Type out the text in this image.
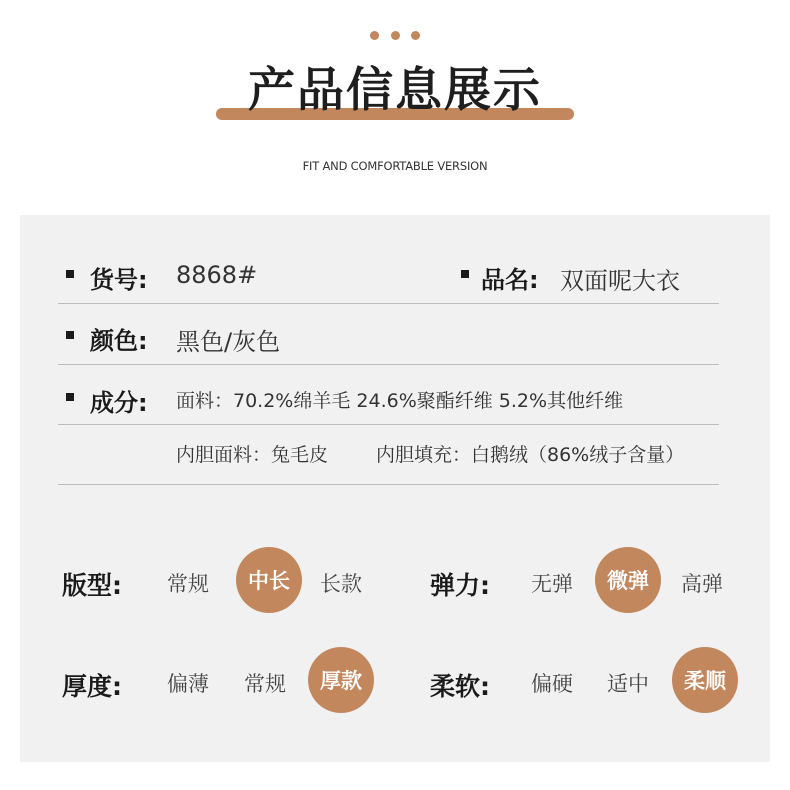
产品信息展示
FIT AND COMFORTABLE VERSION
货号: 8868#	品名: 双面呢大衣
颜色: 黑色/灰色
成分: 面料：70.2%绵羊毛 24.6%聚酯纤维 5.2%其他纤维
内胆面料：兔毛皮	内胆填充：白鹅绒（86%绒子含量）
版型: 常规 中长 长款	弹力: 无弹 微弹 高弹
厚度: 偏薄 常规 厚款	柔软: 偏硬 适中 柔顺
